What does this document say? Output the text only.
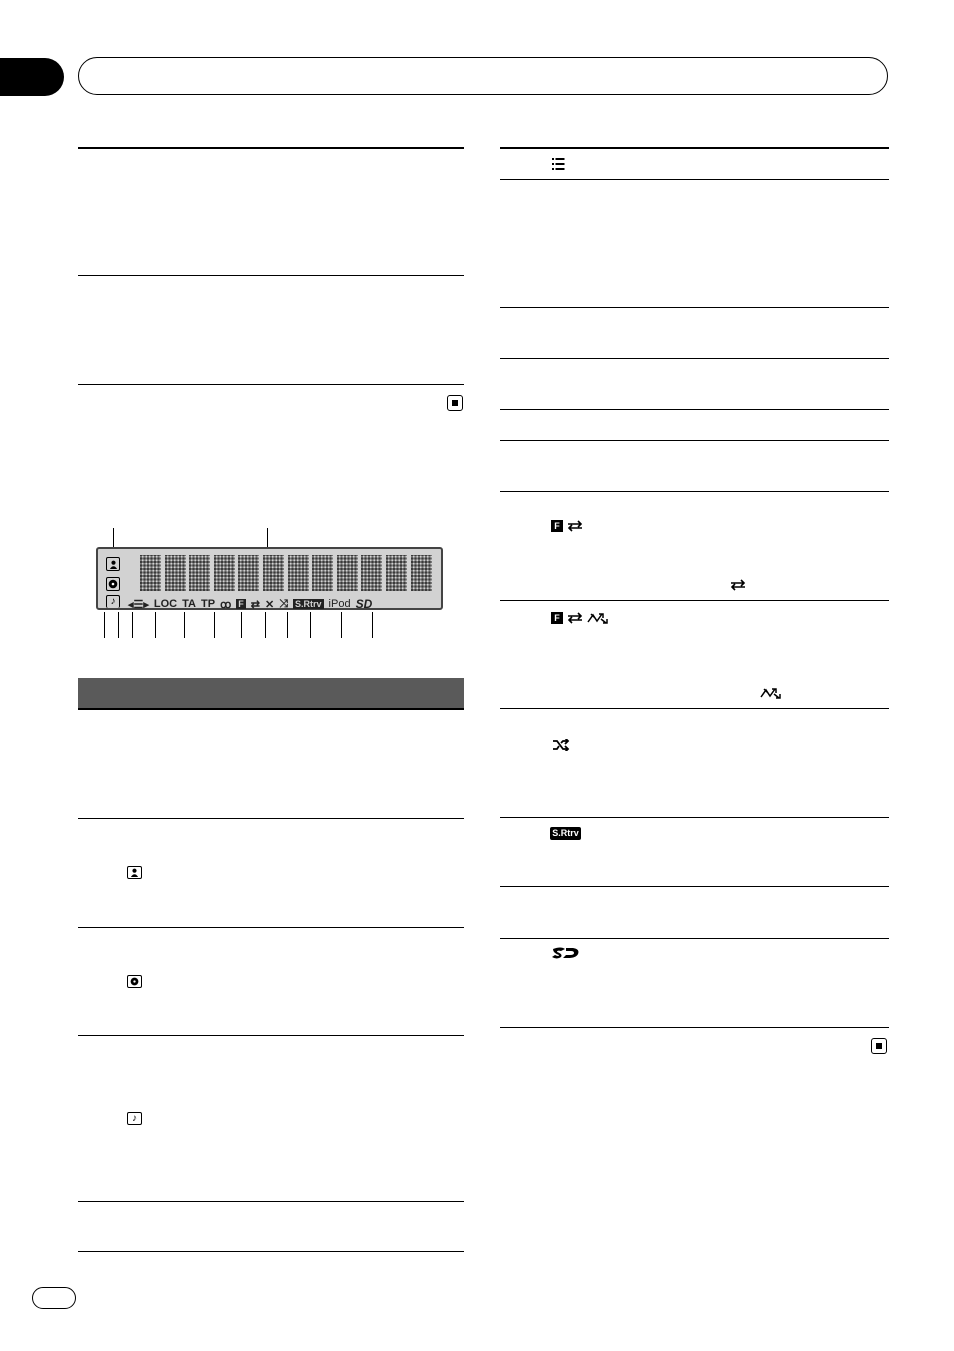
♪ ◂☰▸ LOC TA TP ꝏ F ⇄ ✕ ⤨ S.Rtrv iPod SD
♪
F
F
S.Rtrv
